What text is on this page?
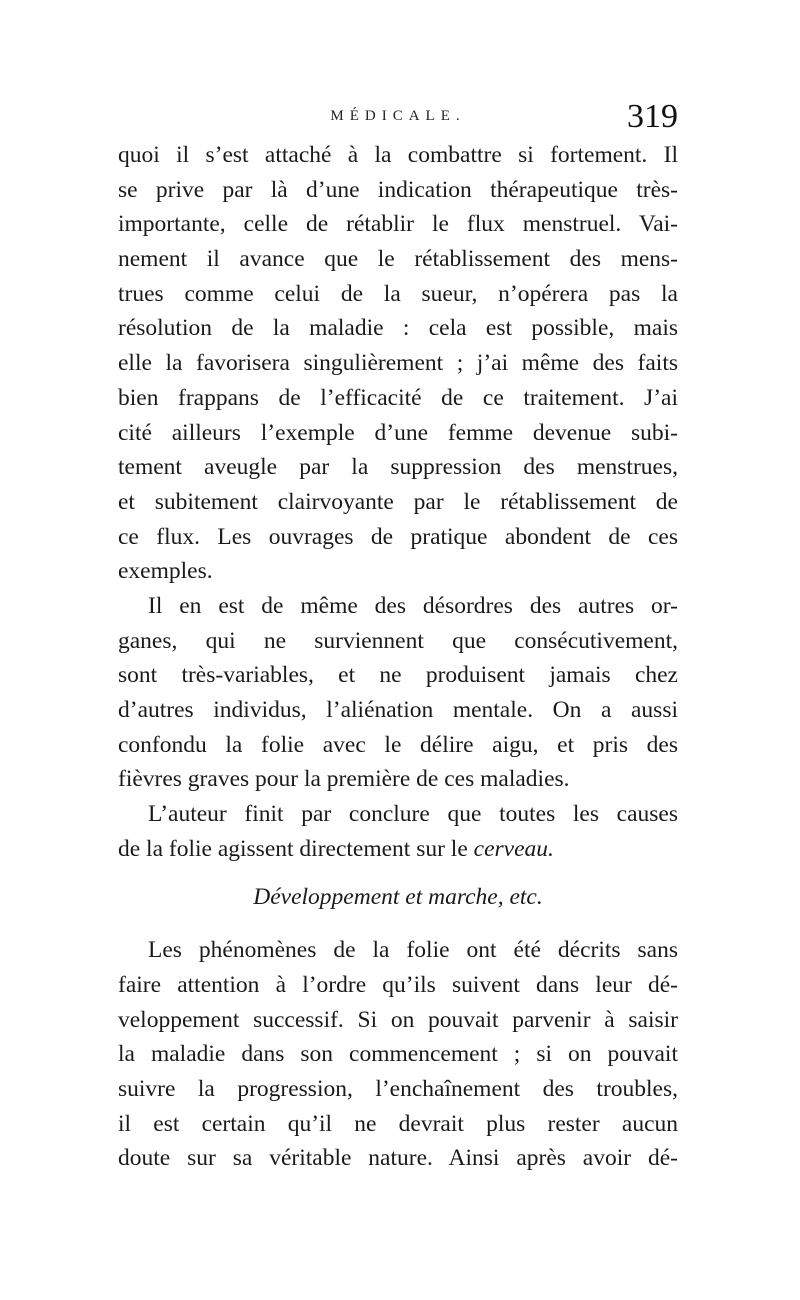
MÉDICALE.	319
quoi il s’est attaché à la combattre si fortement. Il
se prive par là d’une indication thérapeutique très-
importante, celle de rétablir le flux menstruel. Vai-
nement il avance que le rétablissement des mens-
trues comme celui de la sueur, n’opérera pas la
résolution de la maladie : cela est possible, mais
elle la favorisera singulièrement ; j’ai même des faits
bien frappans de l’efficacité de ce traitement. J’ai
cité ailleurs l’exemple d’une femme devenue subi-
tement aveugle par la suppression des menstrues,
et subitement clairvoyante par le rétablissement de
ce flux. Les ouvrages de pratique abondent de ces
exemples.
Il en est de même des désordres des autres or-
ganes, qui ne surviennent que consécutivement,
sont très-variables, et ne produisent jamais chez
d’autres individus, l’aliénation mentale. On a aussi
confondu la folie avec le délire aigu, et pris des
fièvres graves pour la première de ces maladies.
L’auteur finit par conclure que toutes les causes
de la folie agissent directement sur le cerveau.
Développement et marche, etc.
Les phénomènes de la folie ont été décrits sans
faire attention à l’ordre qu’ils suivent dans leur dé-
veloppement successif. Si on pouvait parvenir à saisir
la maladie dans son commencement ; si on pouvait
suivre la progression, l’enchaînement des troubles,
il est certain qu’il ne devrait plus rester aucun
doute sur sa véritable nature. Ainsi après avoir dé-
